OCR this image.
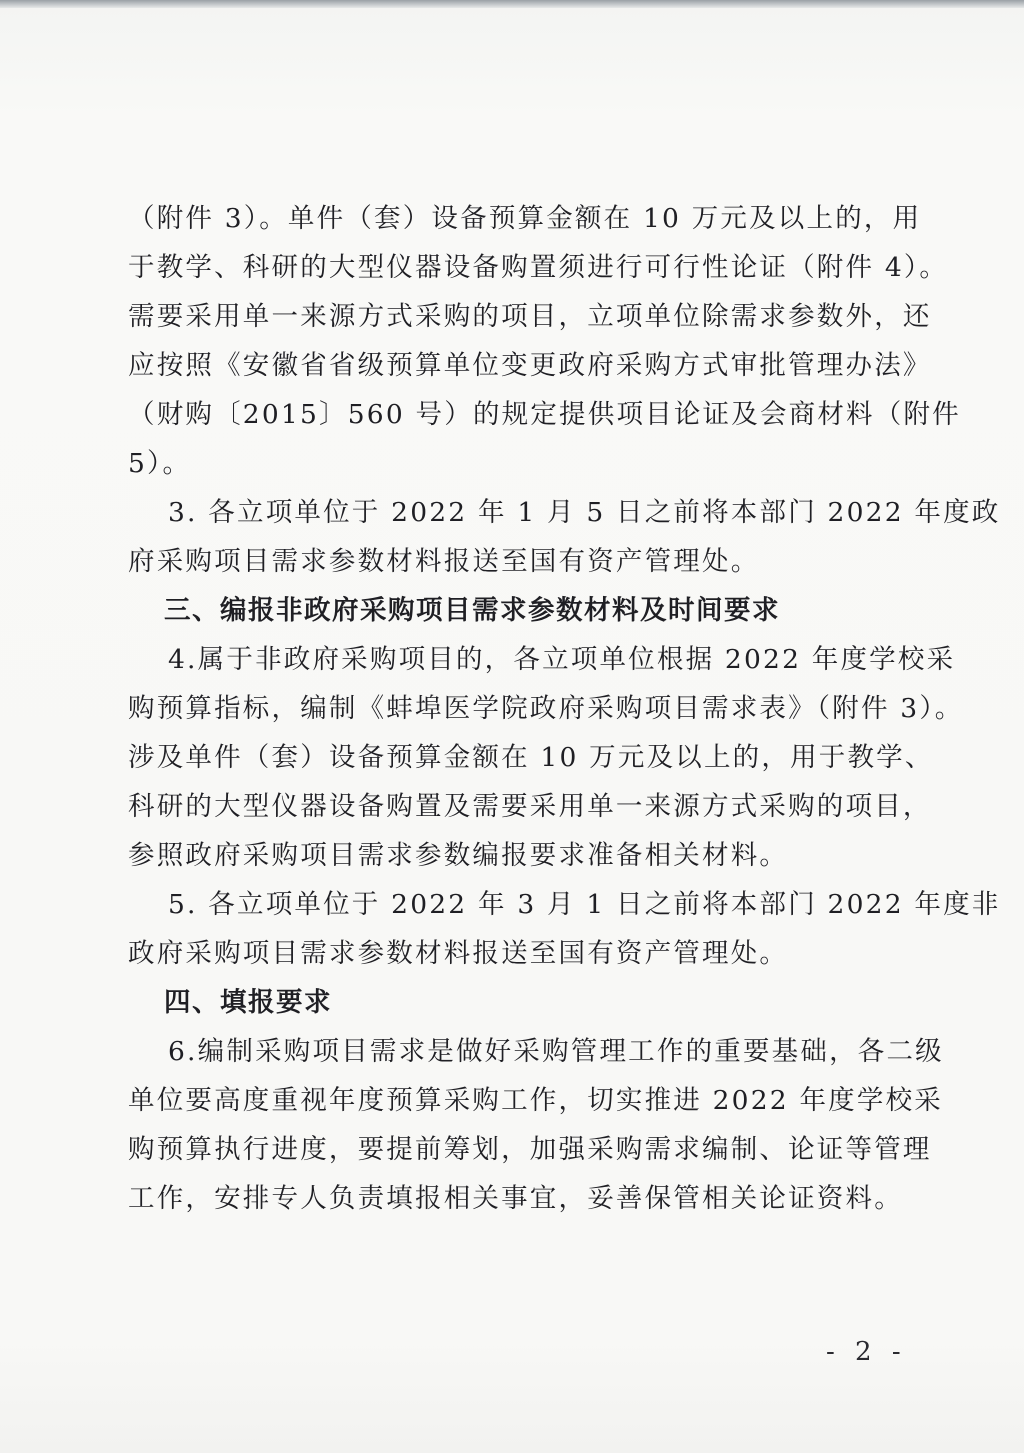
（附件 3）。单件（套）设备预算金额在 10 万元及以上的，用
于教学、科研的大型仪器设备购置须进行可行性论证（附件 4）。
需要采用单一来源方式采购的项目，立项单位除需求参数外，还
应按照《安徽省省级预算单位变更政府采购方式审批管理办法》
（财购〔2015〕560 号）的规定提供项目论证及会商材料（附件
5）。
3. 各立项单位于 2022 年 1 月 5 日之前将本部门 2022 年度政
府采购项目需求参数材料报送至国有资产管理处。
三、编报非政府采购项目需求参数材料及时间要求
4.属于非政府采购项目的，各立项单位根据 2022 年度学校采
购预算指标，编制《蚌埠医学院政府采购项目需求表》（附件 3）。
涉及单件（套）设备预算金额在 10 万元及以上的，用于教学、
科研的大型仪器设备购置及需要采用单一来源方式采购的项目，
参照政府采购项目需求参数编报要求准备相关材料。
5. 各立项单位于 2022 年 3 月 1 日之前将本部门 2022 年度非
政府采购项目需求参数材料报送至国有资产管理处。
四、填报要求
6.编制采购项目需求是做好采购管理工作的重要基础，各二级
单位要高度重视年度预算采购工作，切实推进 2022 年度学校采
购预算执行进度，要提前筹划，加强采购需求编制、论证等管理
工作，安排专人负责填报相关事宜，妥善保管相关论证资料。
- 2 -
